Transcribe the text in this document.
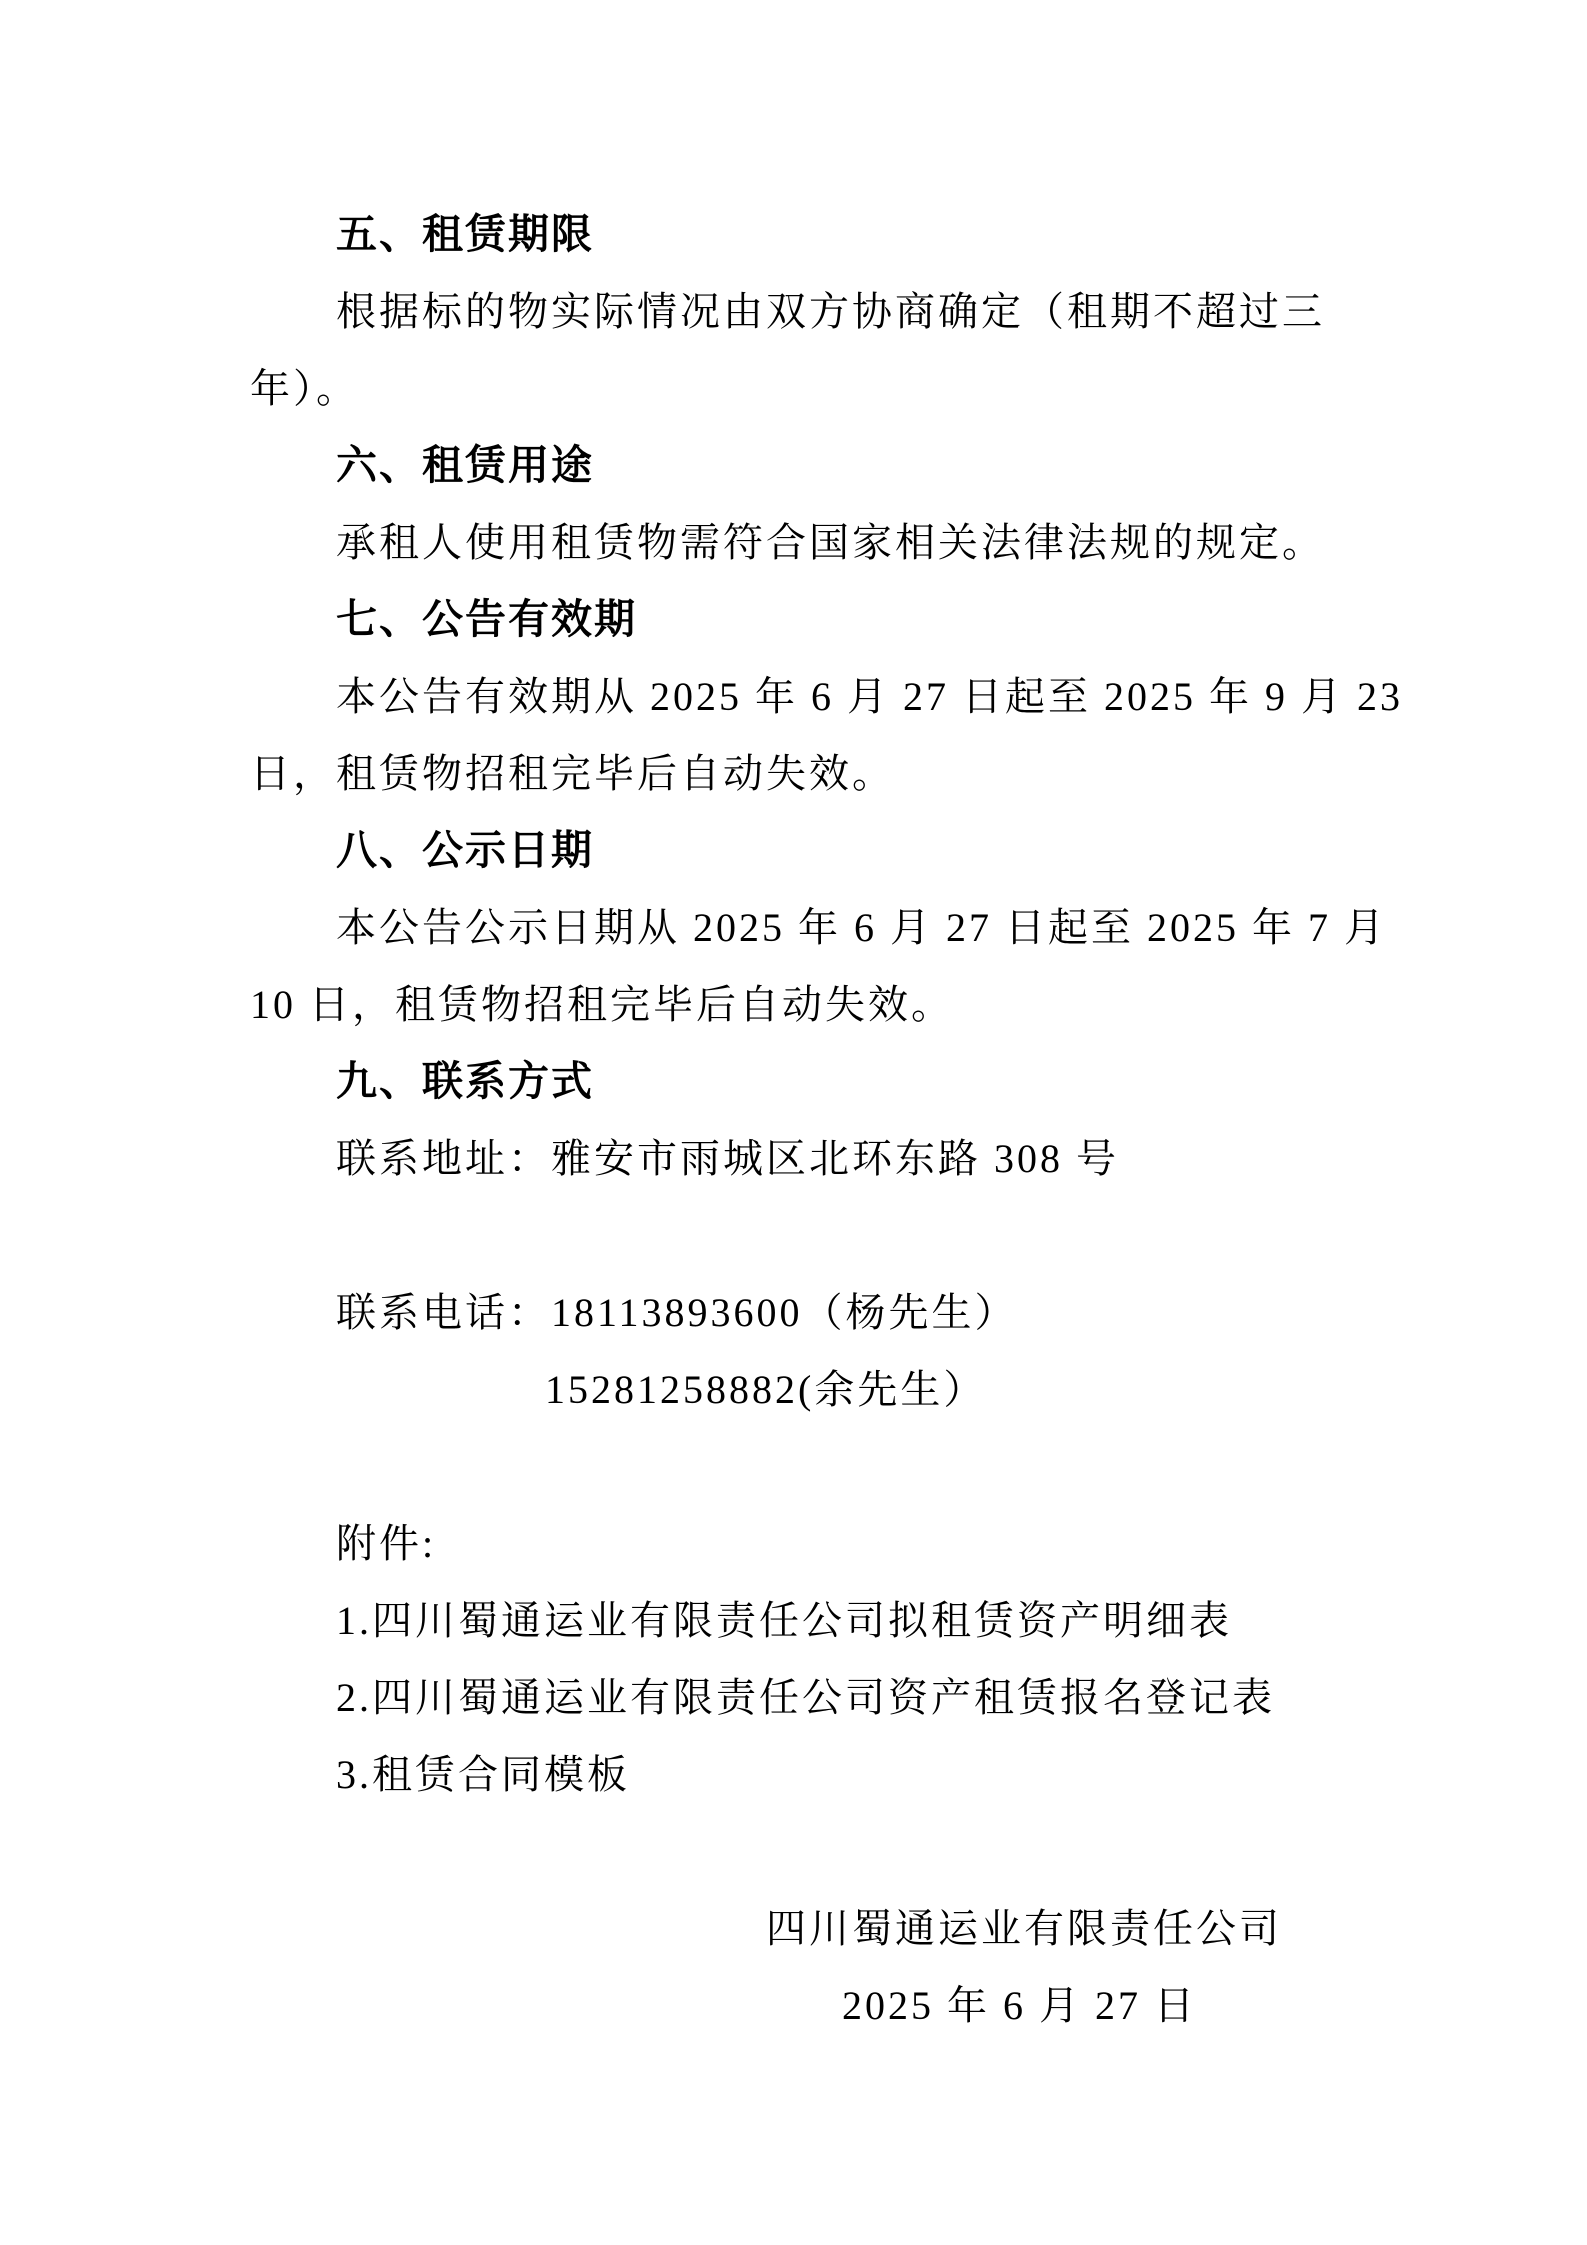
五、租赁期限
根据标的物实际情况由双方协商确定（租期不超过三
年）。
六、租赁用途
承租人使用租赁物需符合国家相关法律法规的规定。
七、公告有效期
本公告有效期从 2025 年 6 月 27 日起至 2025 年 9 月 23
日，租赁物招租完毕后自动失效。
八、公示日期
本公告公示日期从 2025 年 6 月 27 日起至 2025 年 7 月
10 日，租赁物招租完毕后自动失效。
九、联系方式
联系地址：雅安市雨城区北环东路 308 号
联系电话：18113893600（杨先生）
15281258882(余先生）
附件:
1.四川蜀通运业有限责任公司拟租赁资产明细表
2.四川蜀通运业有限责任公司资产租赁报名登记表
3.租赁合同模板
四川蜀通运业有限责任公司
2025 年 6 月 27 日
